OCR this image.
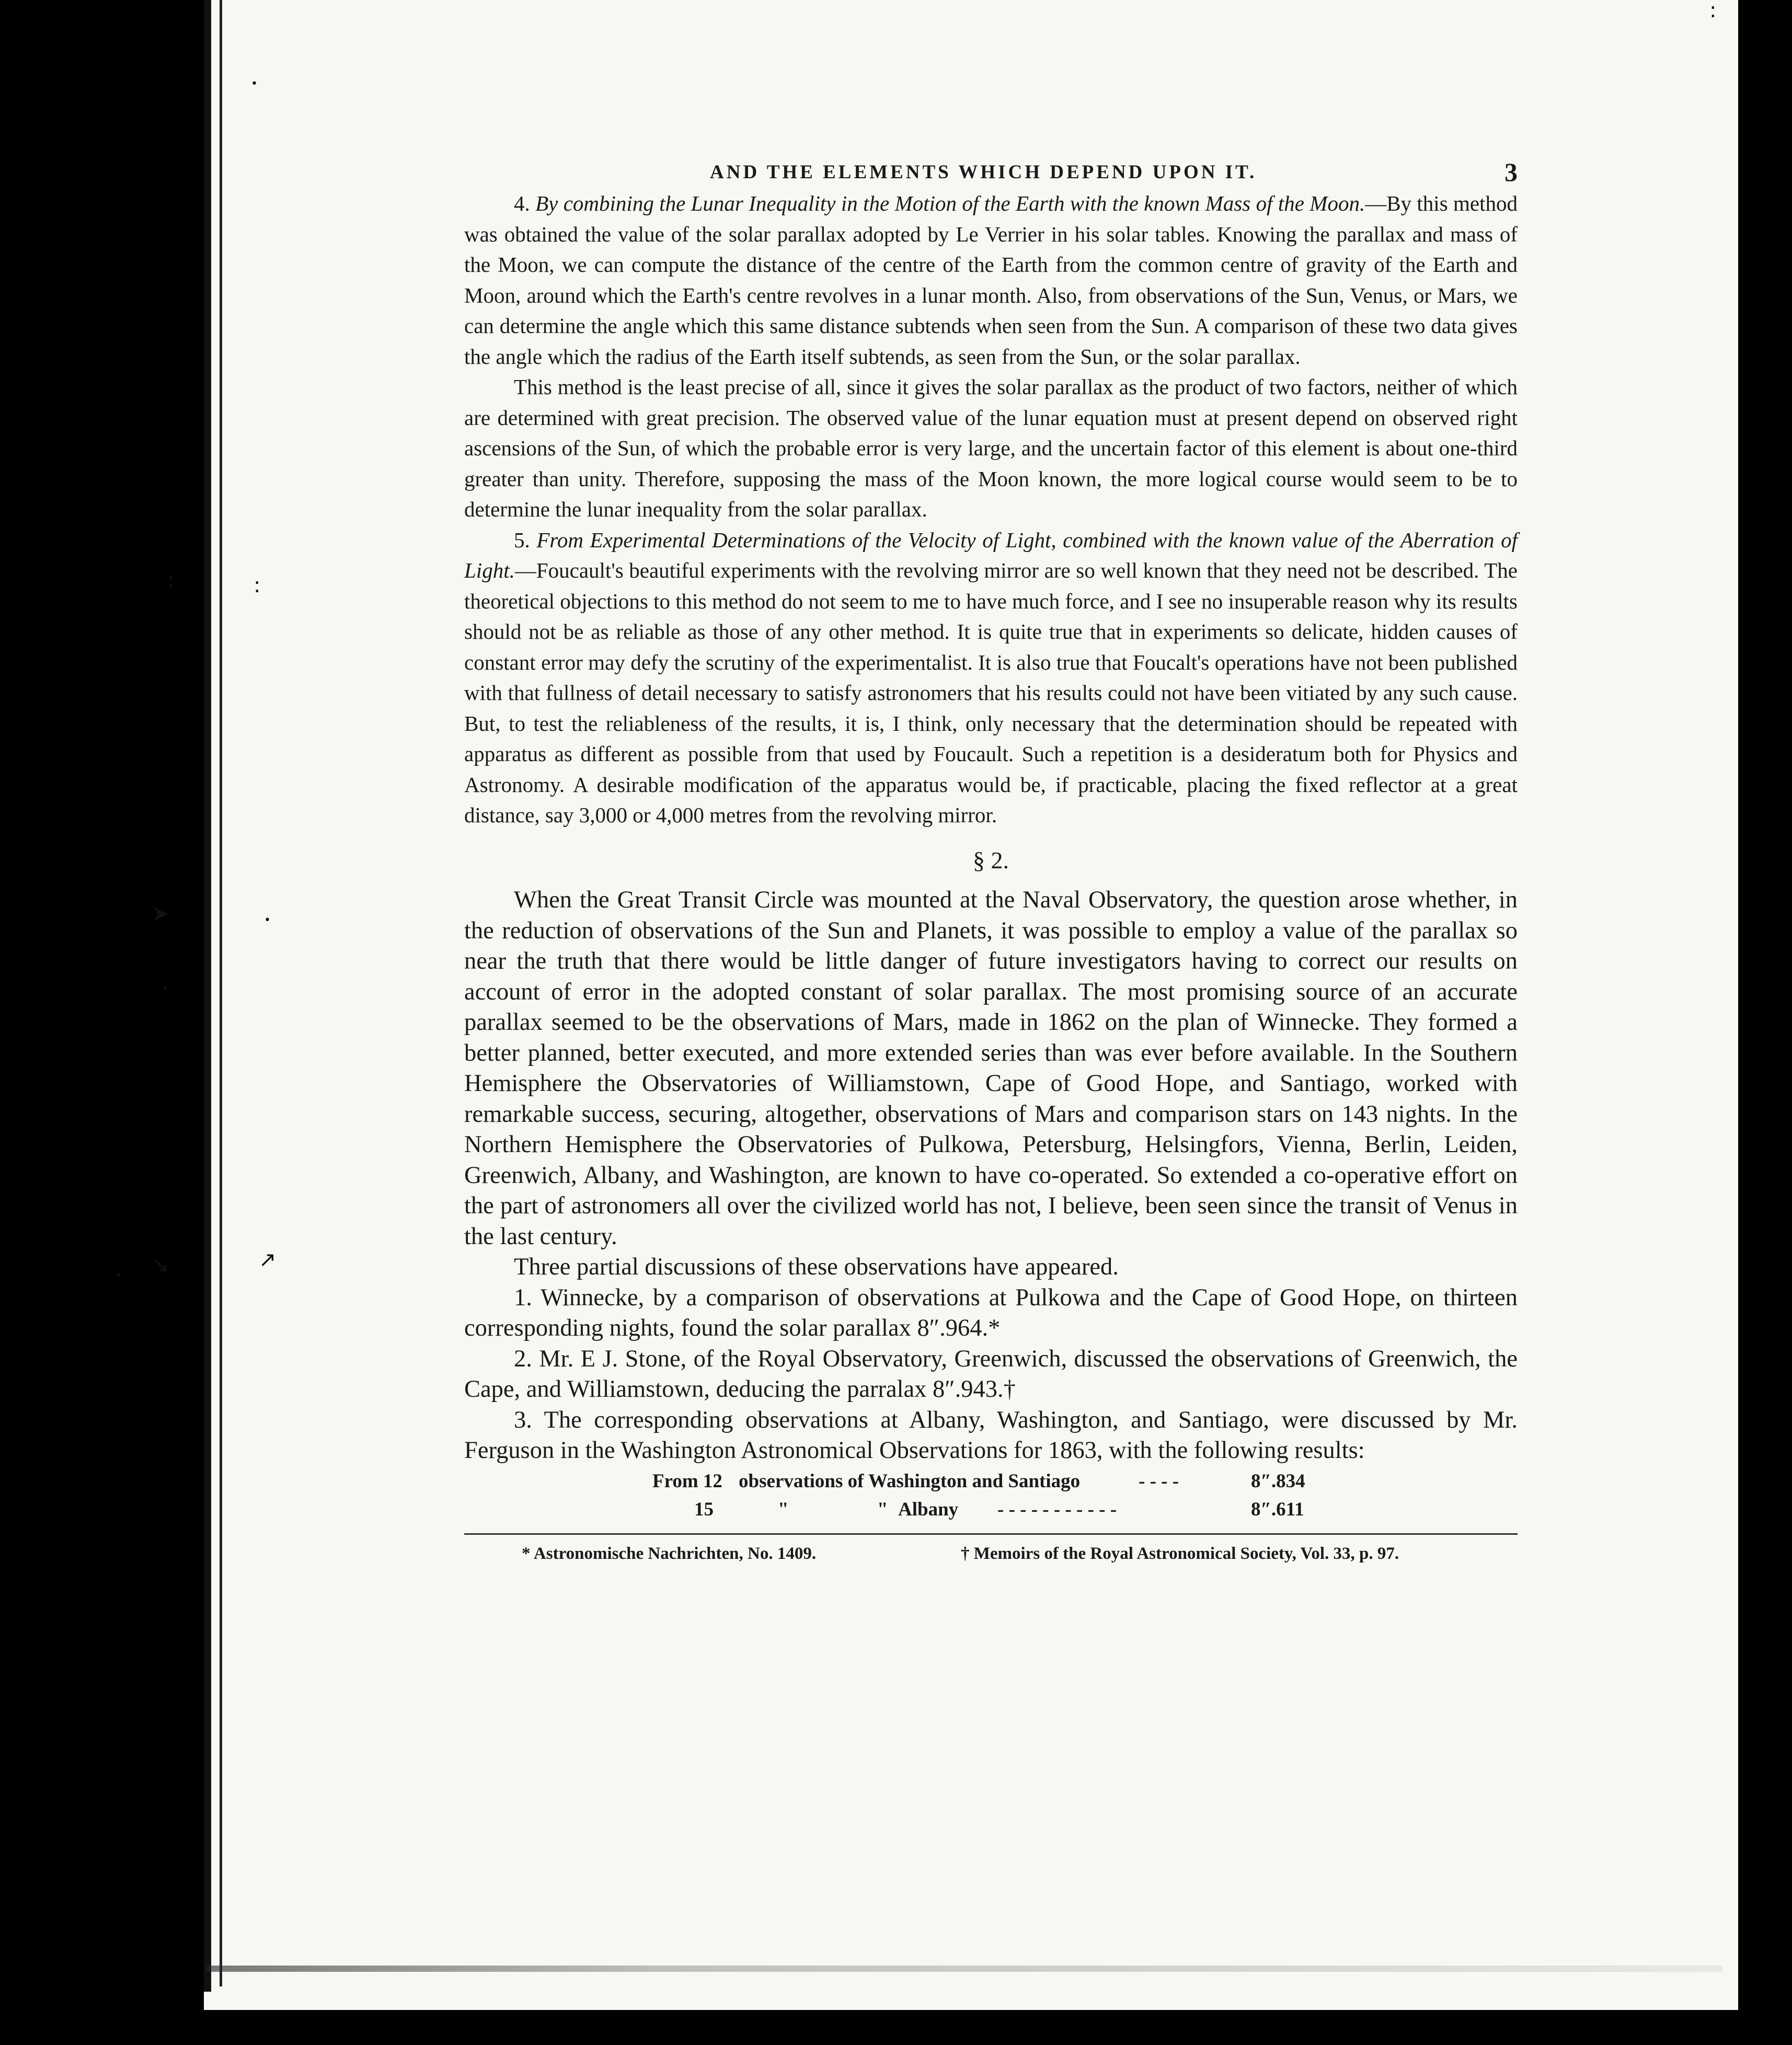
•
:	:
➤	•
•
• ↘	↗
:
AND THE ELEMENTS WHICH DEPEND UPON IT.	3

4. By combining the Lunar Inequality in the Motion of the Earth with the known Mass of the Moon.—By this method was obtained the value of the solar parallax adopted by Le Verrier in his solar tables. Knowing the parallax and mass of the Moon, we can compute the distance of the centre of the Earth from the common centre of gravity of the Earth and Moon, around which the Earth's centre revolves in a lunar month. Also, from observations of the Sun, Venus, or Mars, we can determine the angle which this same distance subtends when seen from the Sun. A comparison of these two data gives the angle which the radius of the Earth itself subtends, as seen from the Sun, or the solar parallax.

This method is the least precise of all, since it gives the solar parallax as the product of two factors, neither of which are determined with great precision. The observed value of the lunar equation must at present depend on observed right ascensions of the Sun, of which the probable error is very large, and the uncertain factor of this element is about one-third greater than unity. Therefore, supposing the mass of the Moon known, the more logical course would seem to be to determine the lunar inequality from the solar parallax.

5. From Experimental Determinations of the Velocity of Light, combined with the known value of the Aberration of Light.—Foucault's beautiful experiments with the revolving mirror are so well known that they need not be described. The theoretical objections to this method do not seem to me to have much force, and I see no insuperable reason why its results should not be as reliable as those of any other method. It is quite true that in experiments so delicate, hidden causes of constant error may defy the scrutiny of the experimentalist. It is also true that Foucalt's operations have not been published with that fullness of detail necessary to satisfy astronomers that his results could not have been vitiated by any such cause. But, to test the reliableness of the results, it is, I think, only necessary that the determination should be repeated with apparatus as different as possible from that used by Foucault. Such a repetition is a desideratum both for Physics and Astronomy. A desirable modification of the apparatus would be, if practicable, placing the fixed reflector at a great distance, say 3,000 or 4,000 metres from the revolving mirror.

§ 2.

When the Great Transit Circle was mounted at the Naval Observatory, the question arose whether, in the reduction of observations of the Sun and Planets, it was possible to employ a value of the parallax so near the truth that there would be little danger of future investigators having to correct our results on account of error in the adopted constant of solar parallax. The most promising source of an accurate parallax seemed to be the observations of Mars, made in 1862 on the plan of Winnecke. They formed a better planned, better executed, and more extended series than was ever before available. In the Southern Hemisphere the Observatories of Williamstown, Cape of Good Hope, and Santiago, worked with remarkable success, securing, altogether, observations of Mars and comparison stars on 143 nights. In the Northern Hemisphere the Observatories of Pulkowa, Petersburg, Helsingfors, Vienna, Berlin, Leiden, Greenwich, Albany, and Washington, are known to have co-operated. So extended a co-operative effort on the part of astronomers all over the civilized world has not, I believe, been seen since the transit of Venus in the last century.

Three partial discussions of these observations have appeared.

1. Winnecke, by a comparison of observations at Pulkowa and the Cape of Good Hope, on thirteen corresponding nights, found the solar parallax 8″.964.*

2. Mr. E J. Stone, of the Royal Observatory, Greenwich, discussed the observations of Greenwich, the Cape, and Williamstown, deducing the parralax 8″.943.†

3. The corresponding observations at Albany, Washington, and Santiago, were discussed by Mr. Ferguson in the Washington Astronomical Observations for 1863, with the following results:

From 12 observations of Washington and Santiago	- - - -	8″.834
15	"	" Albany - - - - - - - - - - -	8″.611
* Astronomische Nachrichten, No. 1409.	† Memoirs of the Royal Astronomical Society, Vol. 33, p. 97.
